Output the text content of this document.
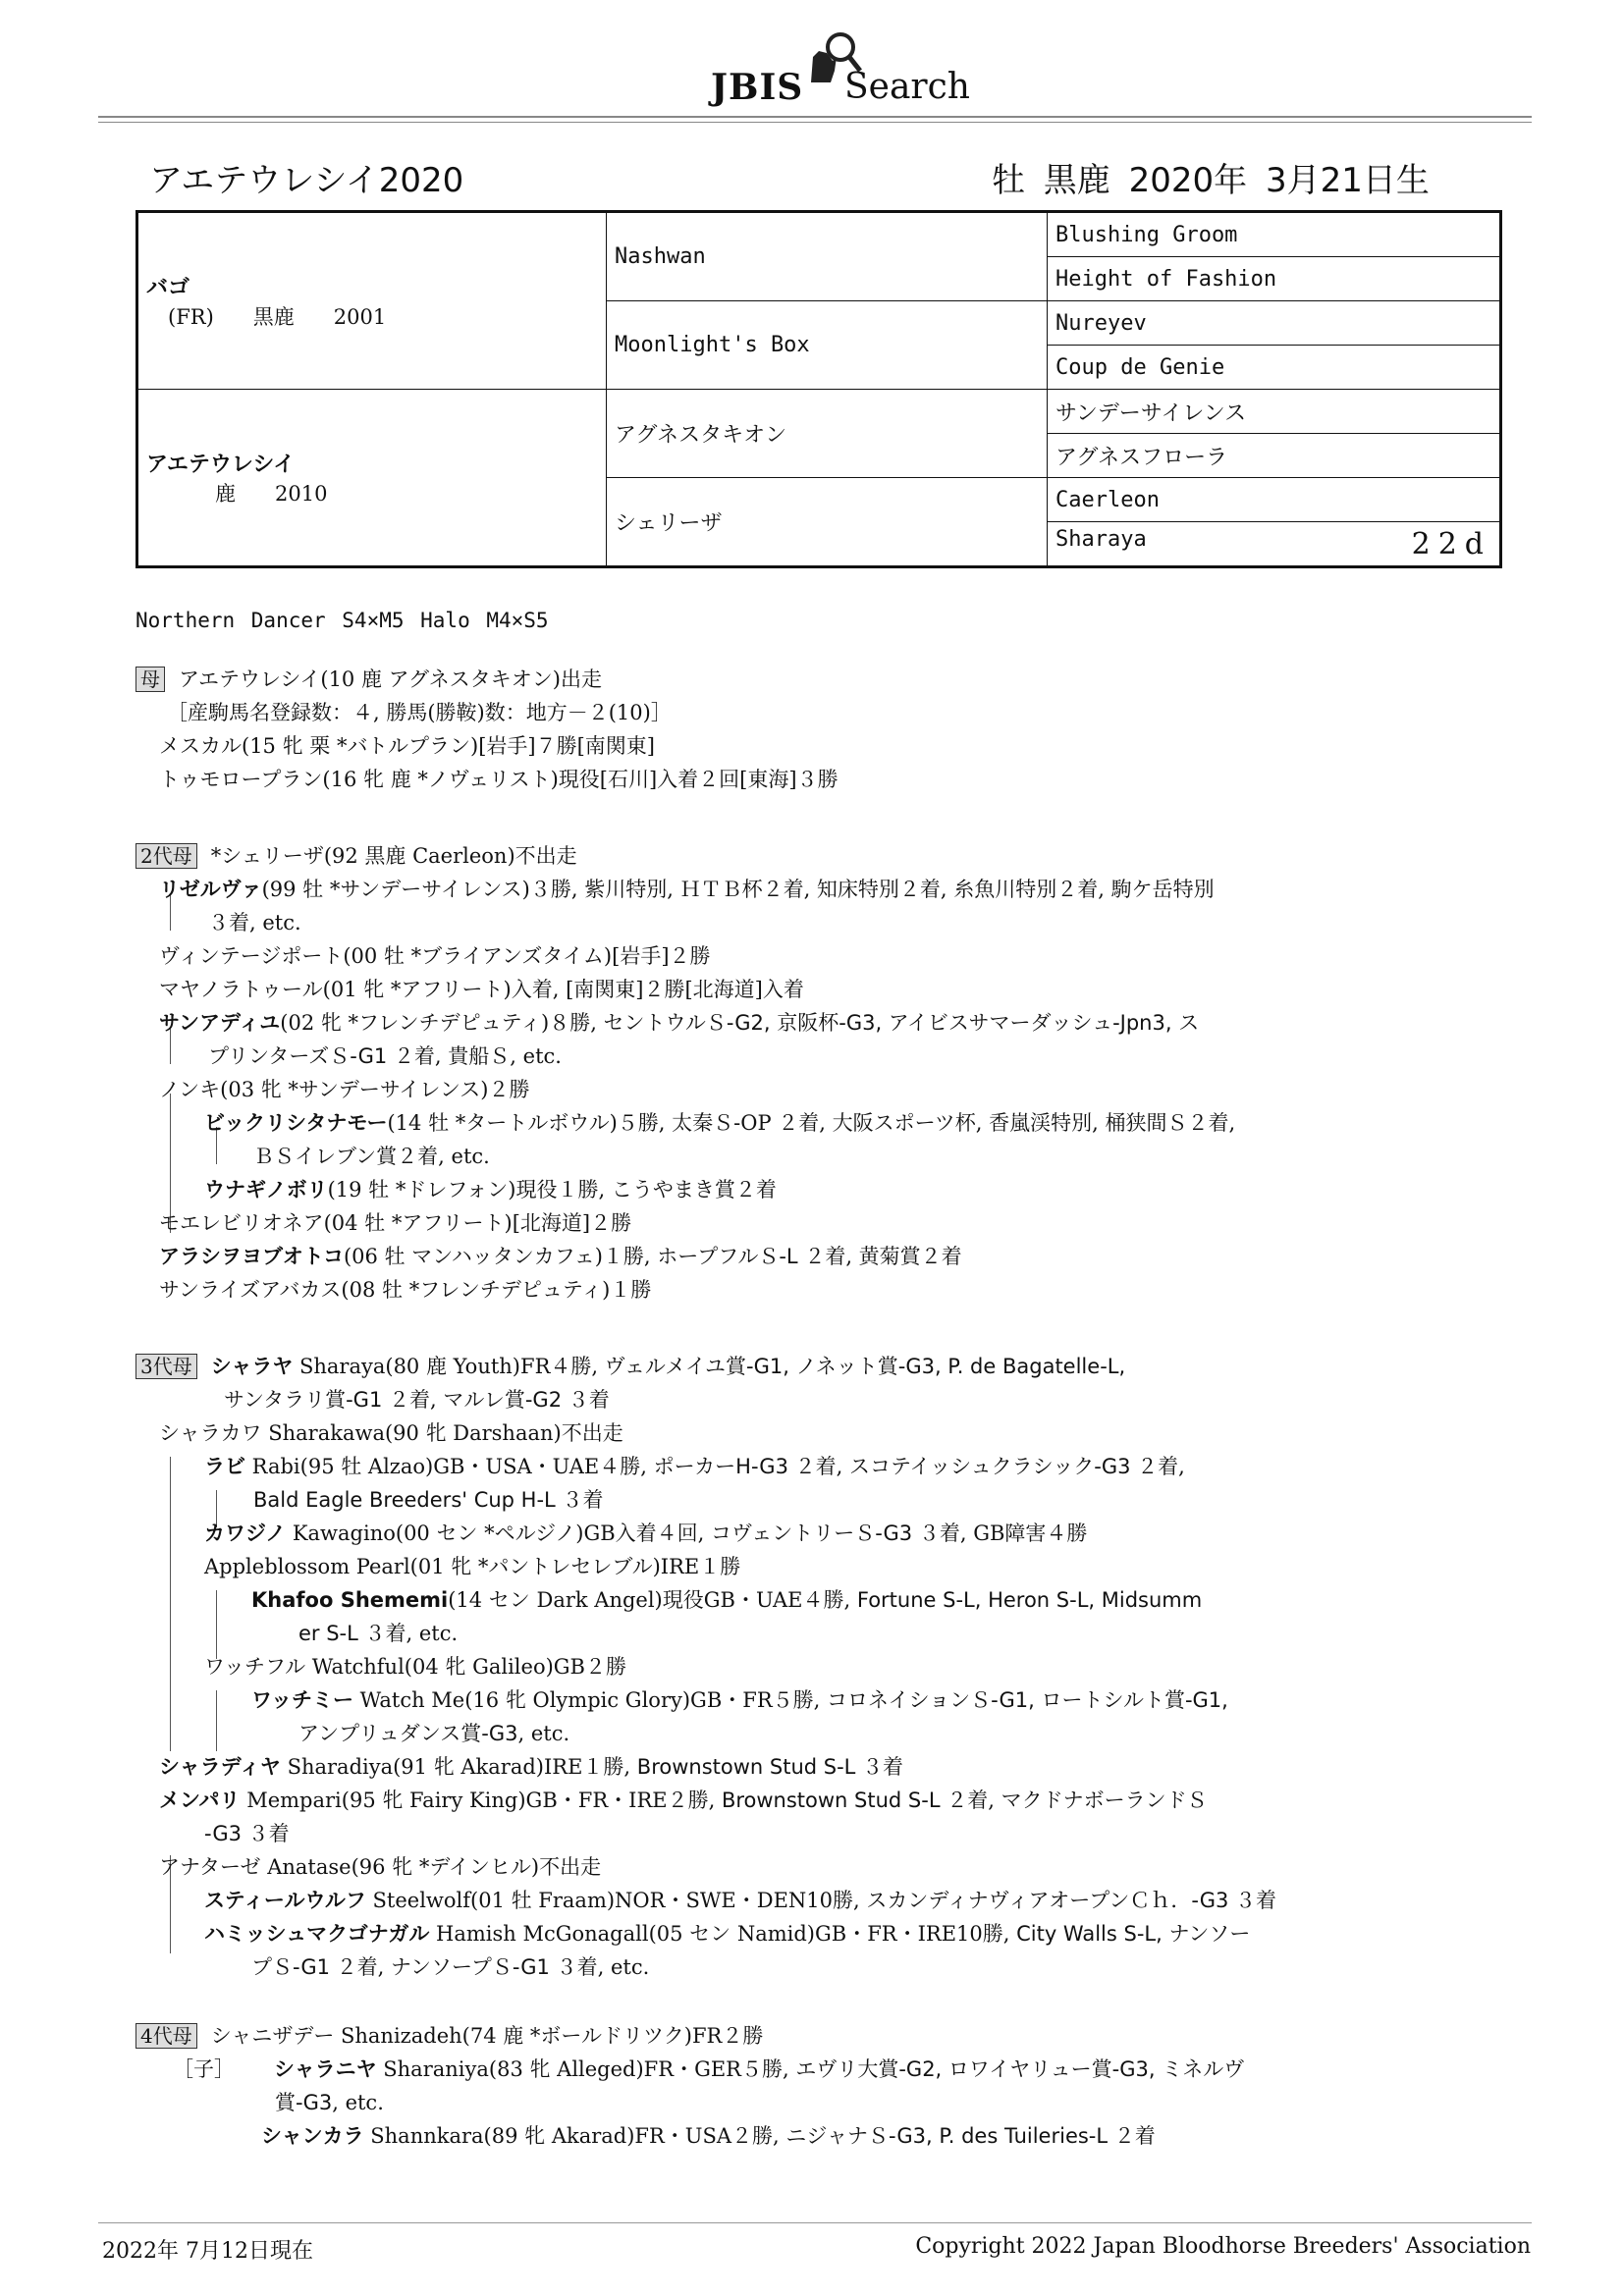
JBIS Search
アエテウレシイ2020	牡 黒鹿 2020年 3月21日生
バゴ
(FR) 黒鹿 2001	Nashwan	Blushing Groom
		Height of Fashion
	Moonlight's Box	Nureyev
		Coup de Genie

アエテウレシイ
鹿 2010	アグネスタキオン	サンデーサイレンス
		アグネスフローラ
	シェリーザ	Caerleon
		Sharaya 22d
Northern Dancer S4×M5 Halo M4×S5
母 アエテウレシイ(10 鹿 アグネスタキオン)出走
［産駒馬名登録数：４, 勝馬(勝鞍)数：地方－２(10)］
メスカル(15 牝 栗 *バトルプラン)[岩手]７勝[南関東]
トゥモロープラン(16 牝 鹿 *ノヴェリスト)現役[石川]入着２回[東海]３勝
2代母 *シェリーザ(92 黒鹿 Caerleon)不出走
リゼルヴァ(99 牡 *サンデーサイレンス)３勝, 紫川特別, ＨＴＢ杯２着, 知床特別２着, 糸魚川特別２着, 駒ケ岳特別
３着, etc.
ヴィンテージポート(00 牡 *ブライアンズタイム)[岩手]２勝
マヤノラトゥール(01 牝 *アフリート)入着, [南関東]２勝[北海道]入着
サンアディユ(02 牝 *フレンチデピュティ)８勝, セントウルＳ-G2, 京阪杯-G3, アイビスサマーダッシュ-Jpn3, ス
プリンターズＳ-G1 ２着, 貴船Ｓ, etc.
ノンキ(03 牝 *サンデーサイレンス)２勝
ビックリシタナモー(14 牡 *タートルボウル)５勝, 太秦Ｓ-OP ２着, 大阪スポーツ杯, 香嵐渓特別, 桶狭間Ｓ２着,
ＢＳイレブン賞２着, etc.
ウナギノボリ(19 牡 *ドレフォン)現役１勝, こうやまき賞２着
モエレビリオネア(04 牡 *アフリート)[北海道]２勝
アラシヲヨブオトコ(06 牡 マンハッタンカフェ)１勝, ホープフルＳ-L ２着, 黄菊賞２着
サンライズアバカス(08 牡 *フレンチデピュティ)１勝
3代母 シャラヤ Sharaya(80 鹿 Youth)FR４勝, ヴェルメイユ賞-G1, ノネット賞-G3, P. de Bagatelle-L,
サンタラリ賞-G1 ２着, マルレ賞-G2 ３着
シャラカワ Sharakawa(90 牝 Darshaan)不出走
ラビ Rabi(95 牡 Alzao)GB・USA・UAE４勝, ポーカーH-G3 ２着, スコテイッシュクラシック-G3 ２着,
Bald Eagle Breeders' Cup H-L ３着
カワジノ Kawagino(00 セン *ペルジノ)GB入着４回, コヴェントリーＳ-G3 ３着, GB障害４勝
Appleblossom Pearl(01 牝 *パントレセレブル)IRE１勝
Khafoo Shememi(14 セン Dark Angel)現役GB・UAE４勝, Fortune S-L, Heron S-L, Midsumm
er S-L ３着, etc.
ワッチフル Watchful(04 牝 Galileo)GB２勝
ワッチミー Watch Me(16 牝 Olympic Glory)GB・FR５勝, コロネイションＳ-G1, ロートシルト賞-G1,
アンプリュダンス賞-G3, etc.
シャラディヤ Sharadiya(91 牝 Akarad)IRE１勝, Brownstown Stud S-L ３着
メンパリ Mempari(95 牝 Fairy King)GB・FR・IRE２勝, Brownstown Stud S-L ２着, マクドナボーランドＳ
-G3 ３着
アナターゼ Anatase(96 牝 *デインヒル)不出走
スティールウルフ Steelwolf(01 牡 Fraam)NOR・SWE・DEN10勝, スカンディナヴィアオープンＣｈ．-G3 ３着
ハミッシュマクゴナガル Hamish McGonagall(05 セン Namid)GB・FR・IRE10勝, City Walls S-L, ナンソー
プＳ-G1 ２着, ナンソープＳ-G1 ３着, etc.
4代母 シャニザデー Shanizadeh(74 鹿 *ボールドリツク)FR２勝
［子］ シャラニヤ Sharaniya(83 牝 Alleged)FR・GER５勝, エヴリ大賞-G2, ロワイヤリュー賞-G3, ミネルヴ
賞-G3, etc.
シャンカラ Shannkara(89 牝 Akarad)FR・USA２勝, ニジャナＳ-G3, P. des Tuileries-L ２着
2022年 7月12日現在	Copyright 2022 Japan Bloodhorse Breeders' Association
